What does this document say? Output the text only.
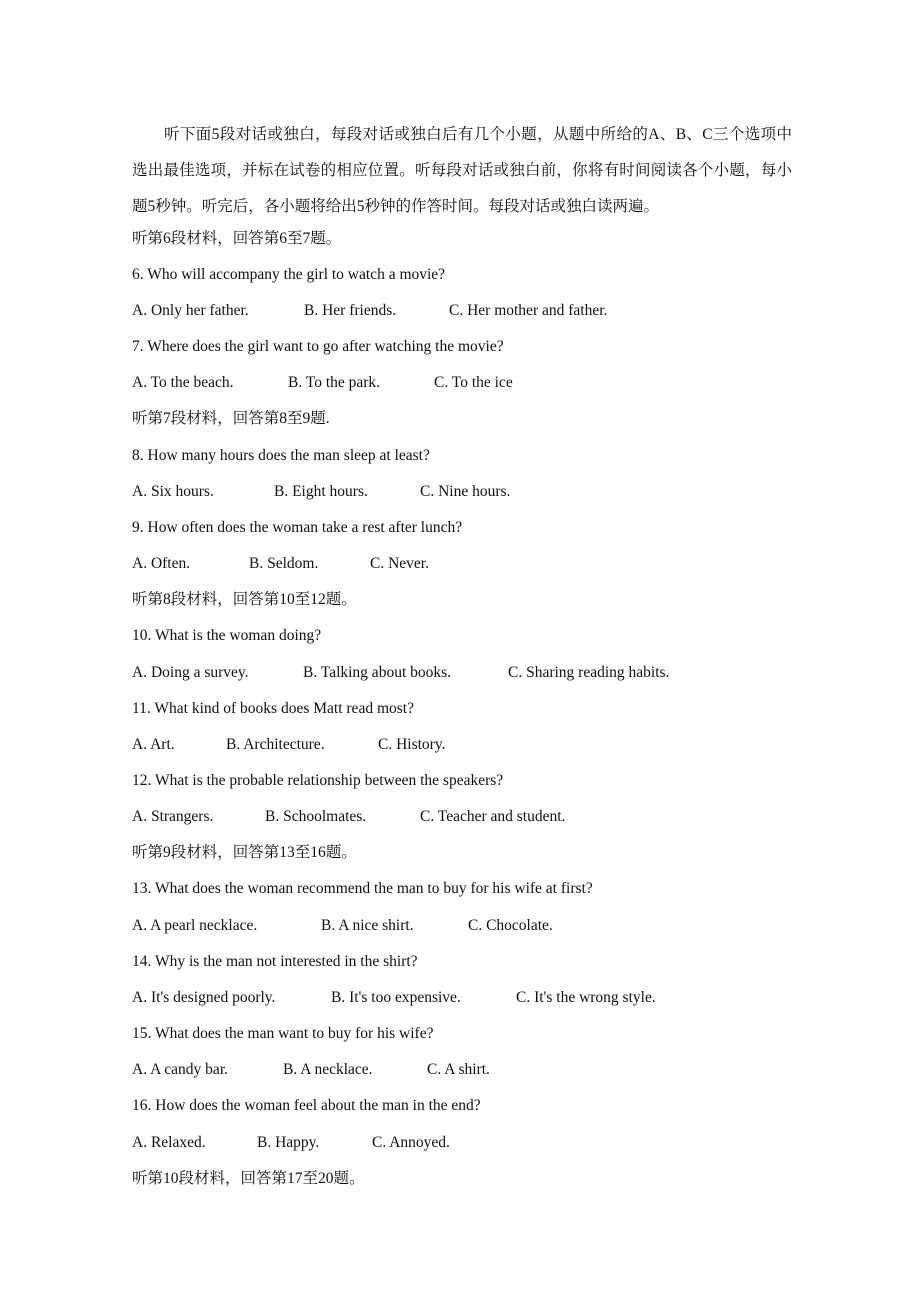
听下面5段对话或独白，每段对话或独白后有几个小题，从题中所给的A、B、C三个选项中选出最佳选项，并标在试卷的相应位置。听每段对话或独白前，你将有时间阅读各个小题，每小题5秒钟。听完后，各小题将给出5秒钟的作答时间。每段对话或独白读两遍。
听第6段材料，回答第6至7题。
6. Who will accompany the girl to watch a movie?
A. Only her father.	B. Her friends.	C. Her mother and father.
7. Where does the girl want to go after watching the movie?
A. To the beach.	B. To the park.	C. To the ice
听第7段材料，回答第8至9题.
8. How many hours does the man sleep at least?
A. Six hours.	B. Eight hours.	C. Nine hours.
9. How often does the woman take a rest after lunch?
A. Often.	B. Seldom.	C. Never.
听第8段材料，回答第10至12题。
10. What is the woman doing?
A. Doing a survey.	B. Talking about books.	C. Sharing reading habits.
11. What kind of books does Matt read most?
A. Art.	B. Architecture.	C. History.
12. What is the probable relationship between the speakers?
A. Strangers.	B. Schoolmates.	C. Teacher and student.
听第9段材料，回答第13至16题。
13. What does the woman recommend the man to buy for his wife at first?
A. A pearl necklace.	B. A nice shirt.	C. Chocolate.
14. Why is the man not interested in the shirt?
A. It's designed poorly.	B. It's too expensive.	C. It's the wrong style.
15. What does the man want to buy for his wife?
A. A candy bar.	B. A necklace.	C. A shirt.
16. How does the woman feel about the man in the end?
A. Relaxed.	B. Happy.	C. Annoyed.
听第10段材料，回答第17至20题。
